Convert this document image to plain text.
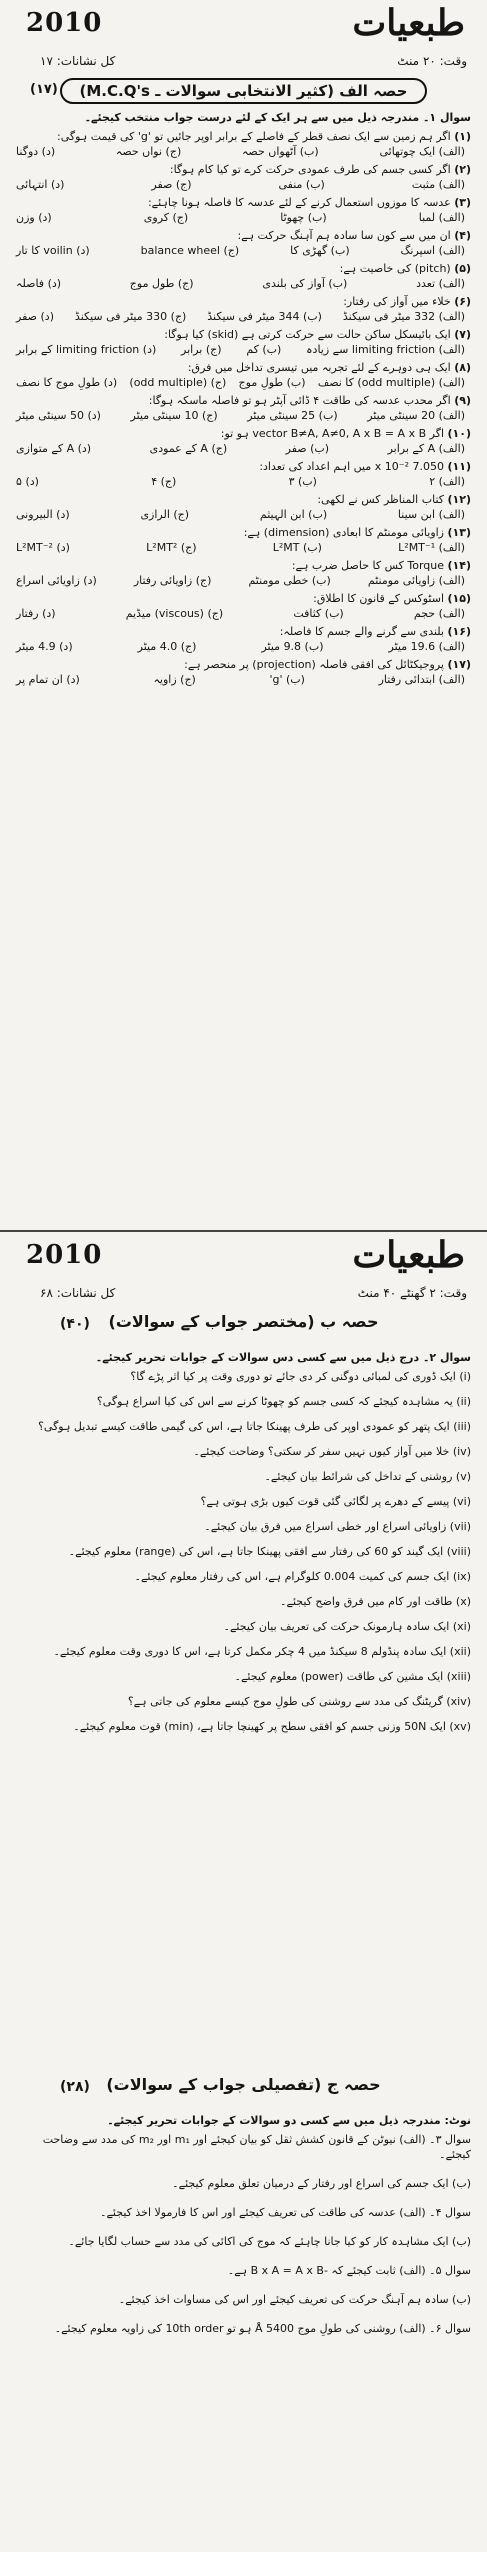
2010	طبعیات
وقت: ۲۰ منٹ
کل نشانات: ۱۷
حصہ الف (کثیر الانتخابی سوالات ـ M.C.Q's)
(۱۷)
سوال ۱۔ مندرجہ ذیل میں سے ہر ایک کے لئے درست جواب منتخب کیجئے۔
(۱) اگر ہم زمین سے ایک نصف قطر کے فاصلے کے برابر اوپر جائیں تو 'g' کی قیمت ہوگی:
(الف) ایک چوتھائی
(ب) آٹھواں حصہ
(ج) نواں حصہ
(د) دوگنا
(۲) اگر کسی جسم کی طرف عمودی حرکت کرے تو کیا کام ہوگا:
(الف) مثبت
(ب) منفی
(ج) صفر
(د) انتہائی
(۳) عدسہ کا موزوں استعمال کرنے کے لئے عدسہ کا فاصلہ ہونا چاہئے:
(الف) لمبا
(ب) چھوٹا
(ج) کروی
(د) وزن
(۴) ان میں سے کون سا سادہ ہم آہنگ حرکت ہے:
(الف) اسپرنگ
(ب) گھڑی کا
(ج) balance wheel
(د) voilin کا تار
(۵) (pitch) کی خاصیت ہے:
(الف) تعدد
(ب) آواز کی بلندی
(ج) طول موج
(د) فاصلہ
(۶) خلاء میں آواز کی رفتار:
(الف) 332 میٹر فی سیکنڈ
(ب) 344 میٹر فی سیکنڈ
(ج) 330 میٹر فی سیکنڈ
(د) صفر
(۷) ایک بائیسکل ساکن حالت سے حرکت کرتی ہے (skid) کیا ہوگا:
(الف) limiting friction سے زیادہ
(ب) کم
(ج) برابر
(د) limiting friction کے برابر
(۸) ایک ہی دوہرے کے لئے تجربہ میں تیسری تداخل میں فرق:
(الف) (odd multiple) کا نصف
(ب) طولِ موج
(ج) (odd multiple)
(د) طولِ موج کا نصف
(۹) اگر محدب عدسہ کی طاقت ۴ ڈائی آپٹر ہو تو فاصلہ ماسکہ ہوگا:
(الف) 20 سینٹی میٹر
(ب) 25 سینٹی میٹر
(ج) 10 سینٹی میٹر
(د) 50 سینٹی میٹر
(۱۰) اگر vector B≠A, A≠0, A x B = A x B ہو تو:
(الف) A کے برابر
(ب) صفر
(ج) A کے عمودی
(د) A کے متوازی
(۱۱) 7.050 x 10⁻² میں اہم اعداد کی تعداد:
(الف) ۲
(ب) ۳
(ج) ۴
(د) ۵
(۱۲) کتاب المناظر کس نے لکھی:
(الف) ابن سینا
(ب) ابن الہیثم
(ج) الرازی
(د) البیرونی
(۱۳) زاویائی مومنٹم کا ابعادی (dimension) ہے:
(الف) L²MT⁻¹
(ب) L²MT
(ج) L²MT²
(د) L²MT⁻²
(۱۴) Torque کس کا حاصل ضرب ہے:
(الف) زاویائی مومنٹم
(ب) خطی مومنٹم
(ج) زاویائی رفتار
(د) زاویائی اسراع
(۱۵) اسٹوکس کے قانون کا اطلاق:
(الف) حجم
(ب) کثافت
(ج) (viscous) میڈیم
(د) رفتار
(۱۶) بلندی سے گرنے والے جسم کا فاصلہ:
(الف) 19.6 میٹر
(ب) 9.8 میٹر
(ج) 4.0 میٹر
(د) 4.9 میٹر
(۱۷) پروجیکٹائل کی افقی فاصلہ (projection) پر منحصر ہے:
(الف) ابتدائی رفتار
(ب) 'g'
(ج) زاویہ
(د) ان تمام پر
2010	طبعیات
وقت: ۲ گھنٹے ۴۰ منٹ
کل نشانات: ۶۸
حصہ ب (مختصر جواب کے سوالات)
(۴۰)
سوال ۲۔ درج ذیل میں سے کسی دس سوالات کے جوابات تحریر کیجئے۔
(i) ایک ڈوری کی لمبائی دوگنی کر دی جائے تو دوری وقت پر کیا اثر پڑے گا؟
(ii) یہ مشاہدہ کیجئے کہ کسی جسم کو چھوٹا کرنے سے اس کی کیا اسراع ہوگی؟
(iii) ایک پتھر کو عمودی اوپر کی طرف پھینکا جاتا ہے، اس کی گیمی طاقت کیسے تبدیل ہوگی؟
(iv) خلا میں آواز کیوں نہیں سفر کر سکتی؟ وضاحت کیجئے۔
(v) روشنی کے تداخل کی شرائط بیان کیجئے۔
(vi) پیسے کے دھرے پر لگائی گئی قوت کیوں بڑی ہوتی ہے؟
(vii) زاویائی اسراع اور خطی اسراع میں فرق بیان کیجئے۔
(viii) ایک گیند کو 60 کی رفتار سے افقی پھینکا جاتا ہے، اس کی (range) معلوم کیجئے۔
(ix) ایک جسم کی کمیت 0.004 کلوگرام ہے، اس کی رفتار معلوم کیجئے۔
(x) طاقت اور کام میں فرق واضح کیجئے۔
(xi) ایک سادہ ہارمونک حرکت کی تعریف بیان کیجئے۔
(xii) ایک سادہ پنڈولم 8 سیکنڈ میں 4 چکر مکمل کرتا ہے، اس کا دوری وقت معلوم کیجئے۔
(xiii) ایک مشین کی طاقت (power) معلوم کیجئے۔
(xiv) گریٹنگ کی مدد سے روشنی کی طولِ موج کیسے معلوم کی جاتی ہے؟
(xv) ایک 50N وزنی جسم کو افقی سطح پر کھینچا جاتا ہے، (min) قوت معلوم کیجئے۔
حصہ ج (تفصیلی جواب کے سوالات)
(۲۸)
نوٹ: مندرجہ ذیل میں سے کسی دو سوالات کے جوابات تحریر کیجئے۔
سوال ۳۔ (الف) نیوٹن کے قانون کشش ثقل کو بیان کیجئے اور m₁ اور m₂ کی مدد سے وضاحت کیجئے۔
(ب) ایک جسم کی اسراع اور رفتار کے درمیان تعلق معلوم کیجئے۔
سوال ۴۔ (الف) عدسہ کی طاقت کی تعریف کیجئے اور اس کا فارمولا اخذ کیجئے۔
(ب) ایک مشاہدہ کار کو کیا جانا چاہئے کہ موج کی اکائی کی مدد سے حساب لگایا جائے۔
سوال ۵۔ (الف) ثابت کیجئے کہ -B x A = A x B ہے۔
(ب) سادہ ہم آہنگ حرکت کی تعریف کیجئے اور اس کی مساوات اخذ کیجئے۔
سوال ۶۔ (الف) روشنی کی طولِ موج 5400 Å ہو تو 10th order کی زاویہ معلوم کیجئے۔
